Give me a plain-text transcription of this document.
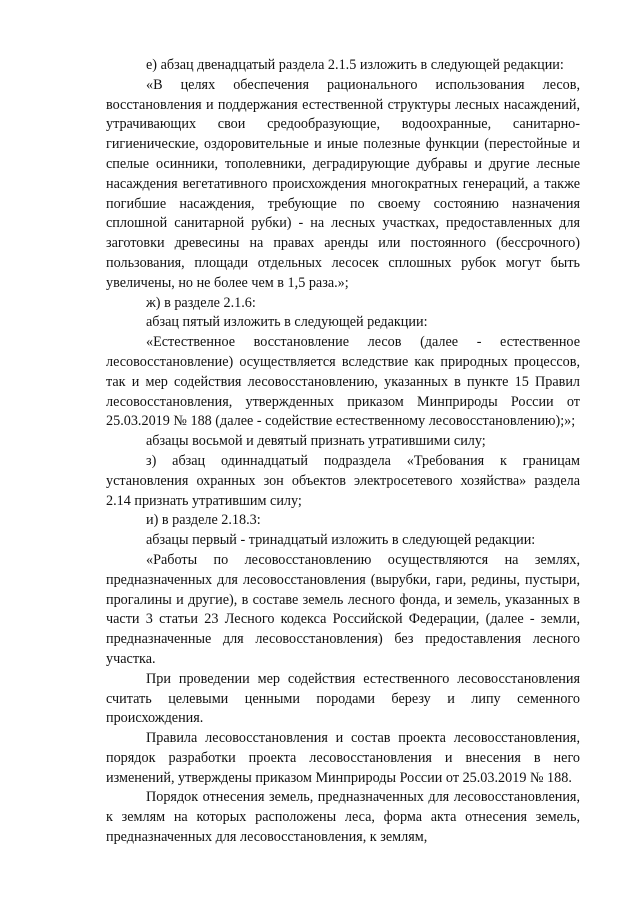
е) абзац двенадцатый раздела 2.1.5 изложить в следующей редакции:

«В целях обеспечения рационального использования лесов, восстановления и поддержания естественной структуры лесных насаждений, утрачивающих свои средообразующие, водоохранные, санитарно-гигиенические, оздоровительные и иные полезные функции (перестойные и спелые осинники, тополевники, деградирующие дубравы и другие лесные насаждения вегетативного происхождения многократных генераций, а также погибшие насаждения, требующие по своему состоянию назначения сплошной санитарной рубки) - на лесных участках, предоставленных для заготовки древесины на правах аренды или постоянного (бессрочного) пользования, площади отдельных лесосек сплошных рубок могут быть увеличены, но не более чем в 1,5 раза.»;

ж) в разделе 2.1.6:

абзац пятый изложить в следующей редакции:

«Естественное восстановление лесов (далее - естественное лесовосстановление) осуществляется вследствие как природных процессов, так и мер содействия лесовосстановлению, указанных в пункте 15 Правил лесовосстановления, утвержденных приказом Минприроды России от 25.03.2019 № 188 (далее - содействие естественному лесовосстановлению);»;

абзацы восьмой и девятый признать утратившими силу;

з) абзац одиннадцатый подраздела «Требования к границам установления охранных зон объектов электросетевого хозяйства» раздела 2.14 признать утратившим силу;

и) в разделе 2.18.3:

абзацы первый - тринадцатый изложить в следующей редакции:

«Работы по лесовосстановлению осуществляются на землях, предназначенных для лесовосстановления (вырубки, гари, редины, пустыри, прогалины и другие), в составе земель лесного фонда, и земель, указанных в части 3 статьи 23 Лесного кодекса Российской Федерации, (далее - земли, предназначенные для лесовосстановления) без предоставления лесного участка.

При проведении мер содействия естественного лесовосстановления считать целевыми ценными породами березу и липу семенного происхождения.

Правила лесовосстановления и состав проекта лесовосстановления, порядок разработки проекта лесовосстановления и внесения в него изменений, утверждены приказом Минприроды России от 25.03.2019 № 188.

Порядок отнесения земель, предназначенных для лесовосстановления, к землям на которых расположены леса, форма акта отнесения земель, предназначенных для лесовосстановления, к землям,
